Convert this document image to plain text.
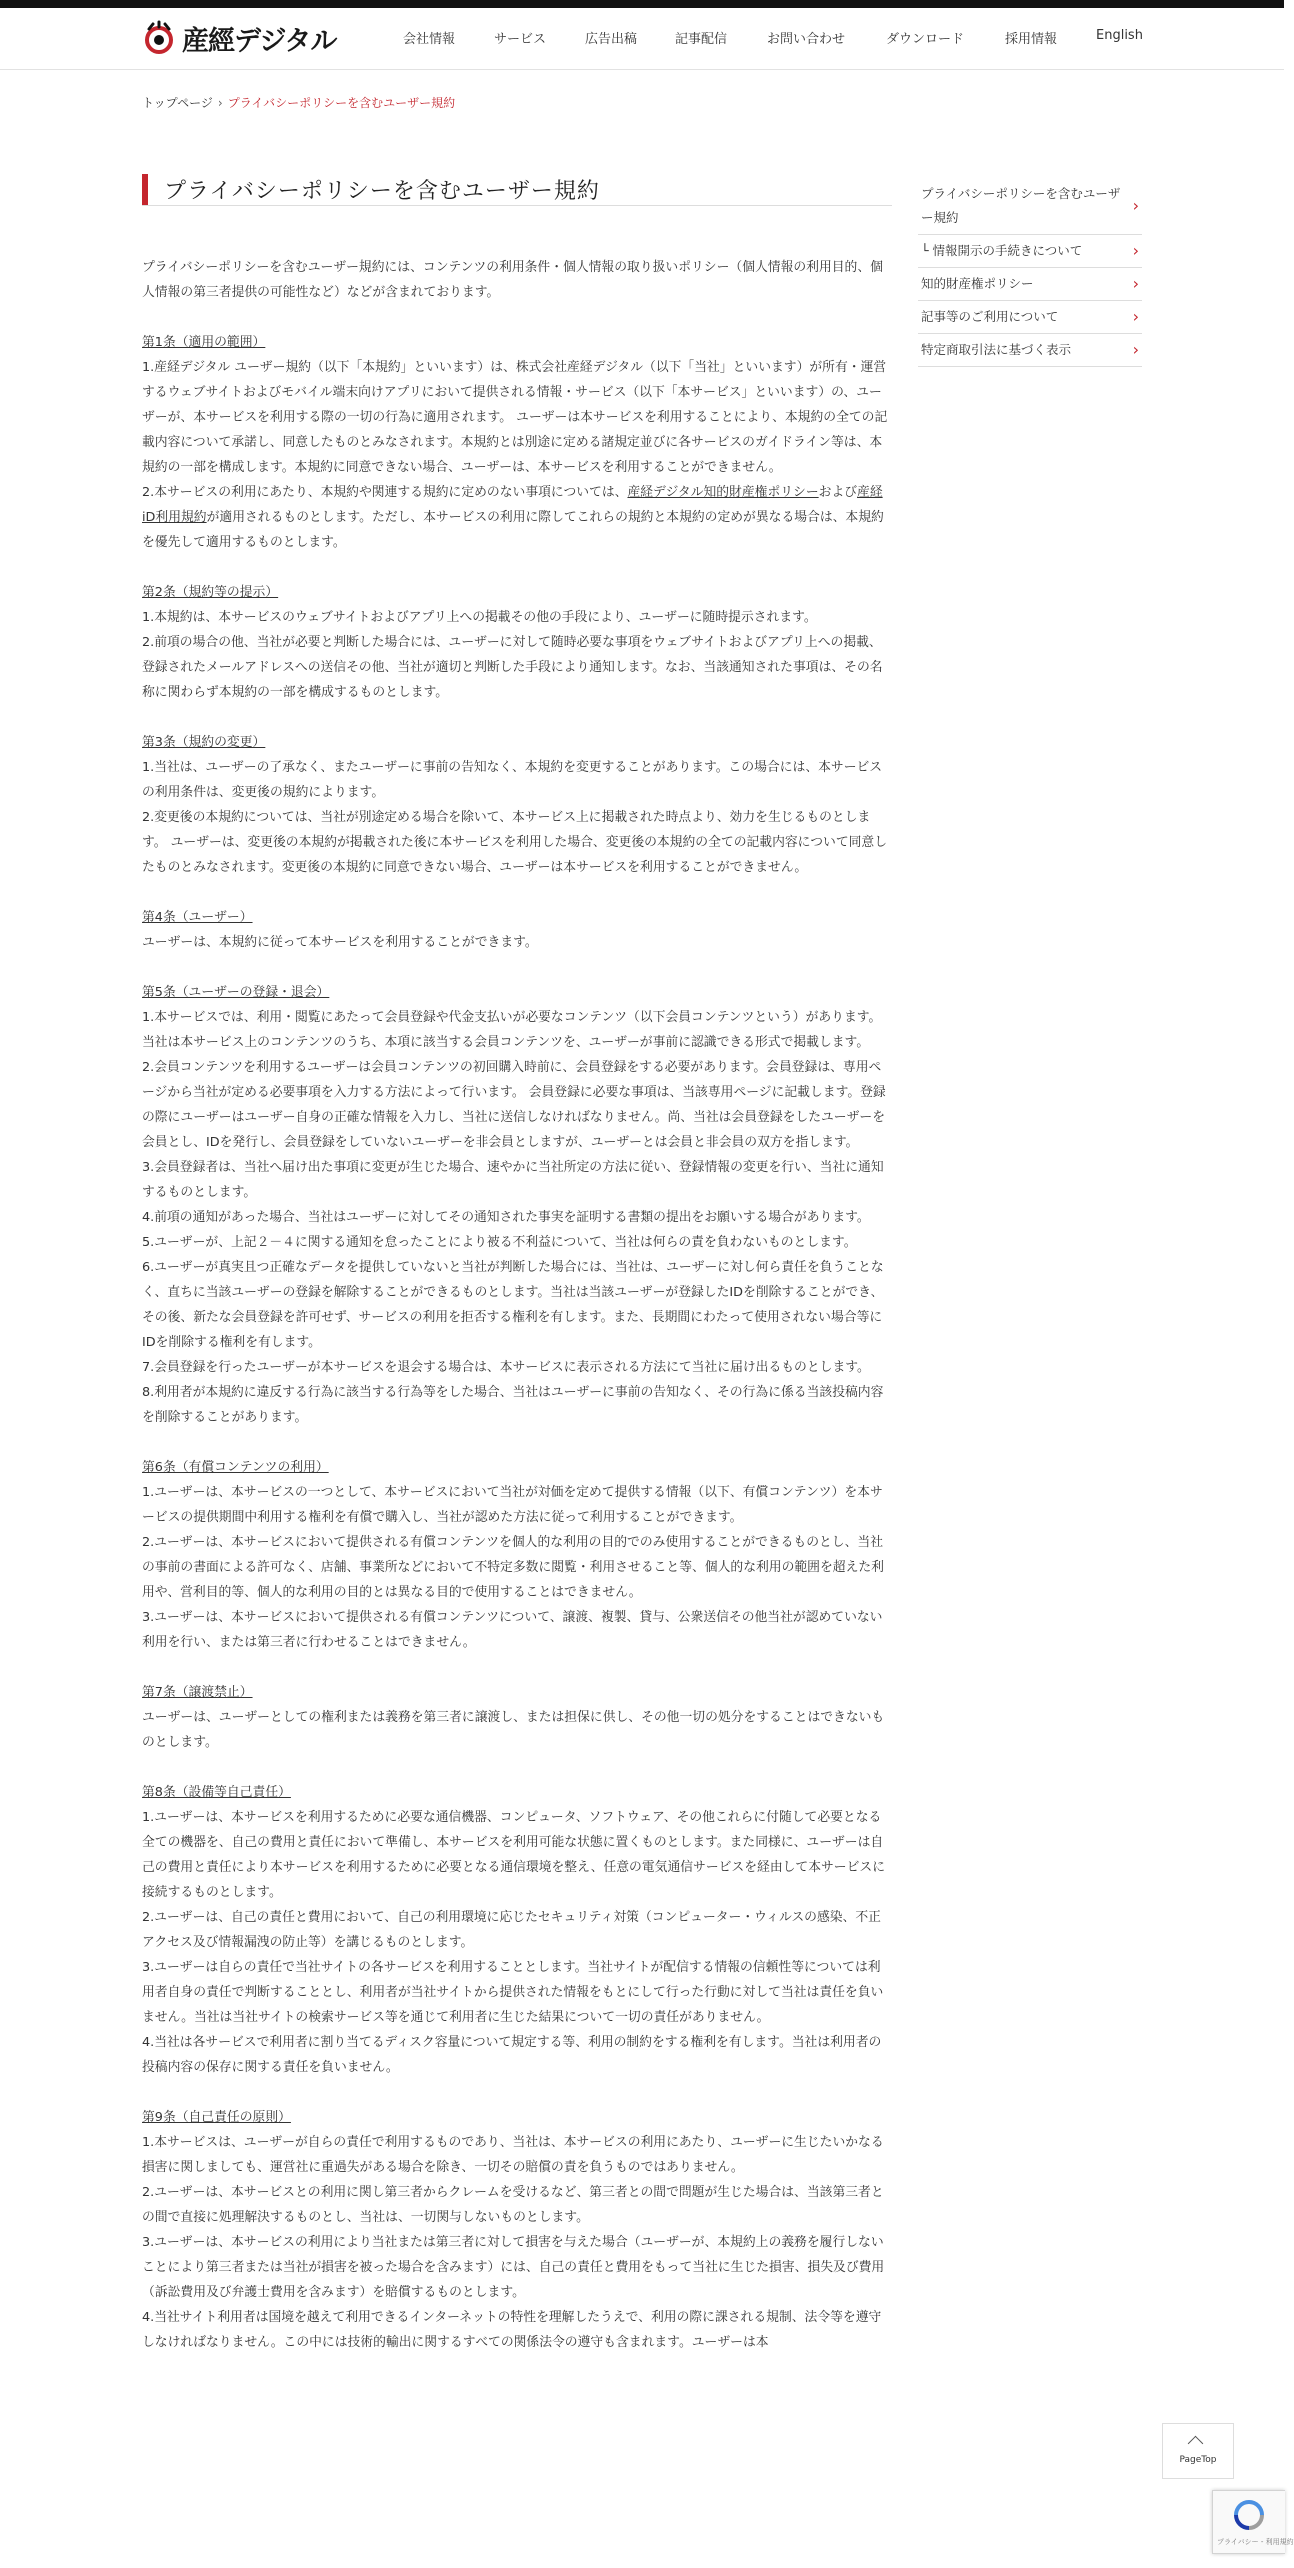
産經デジタル	会社情報	サービス	広告出稿	記事配信	お問い合わせ	ダウンロード	採用情報	English
トップページ › プライバシーポリシーを含むユーザー規約
プライバシーポリシーを含むユーザー規約

プライバシーポリシーを含むユーザー規約には、コンテンツの利用条件・個人情報の取り扱いポリシー（個人情報の利用目的、個人情報の第三者提供の可能性など）などが含まれております。

第1条（適用の範囲）

1.産経デジタル ユーザー規約（以下「本規約」といいます）は、株式会社産経デジタル（以下「当社」といいます）が所有・運営するウェブサイトおよびモバイル端末向けアプリにおいて提供される情報・サービス（以下「本サービス」といいます）の、ユーザーが、本サービスを利用する際の一切の行為に適用されます。 ユーザーは本サービスを利用することにより、本規約の全ての記載内容について承諾し、同意したものとみなされます。本規約とは別途に定める諸規定並びに各サービスのガイドライン等は、本規約の一部を構成します。本規約に同意できない場合、ユーザーは、本サービスを利用することができません。

2.本サービスの利用にあたり、本規約や関連する規約に定めのない事項については、産経デジタル知的財産権ポリシーおよび産経iD利用規約が適用されるものとします。ただし、本サービスの利用に際してこれらの規約と本規約の定めが異なる場合は、本規約を優先して適用するものとします。

第2条（規約等の提示）

1.本規約は、本サービスのウェブサイトおよびアプリ上への掲載その他の手段により、ユーザーに随時提示されます。

2.前項の場合の他、当社が必要と判断した場合には、ユーザーに対して随時必要な事項をウェブサイトおよびアプリ上への掲載、登録されたメールアドレスへの送信その他、当社が適切と判断した手段により通知します。なお、当該通知された事項は、その名称に関わらず本規約の一部を構成するものとします。

第3条（規約の変更）

1.当社は、ユーザーの了承なく、またユーザーに事前の告知なく、本規約を変更することがあります。この場合には、本サービスの利用条件は、変更後の規約によります。

2.変更後の本規約については、当社が別途定める場合を除いて、本サービス上に掲載された時点より、効力を生じるものとします。 ユーザーは、変更後の本規約が掲載された後に本サービスを利用した場合、変更後の本規約の全ての記載内容について同意したものとみなされます。変更後の本規約に同意できない場合、ユーザーは本サービスを利用することができません。

第4条（ユーザー）

ユーザーは、本規約に従って本サービスを利用することができます。

第5条（ユーザーの登録・退会）

1.本サービスでは、利用・閲覧にあたって会員登録や代金支払いが必要なコンテンツ（以下会員コンテンツという）があります。当社は本サービス上のコンテンツのうち、本項に該当する会員コンテンツを、ユーザーが事前に認識できる形式で掲載します。

2.会員コンテンツを利用するユーザーは会員コンテンツの初回購入時前に、会員登録をする必要があります。会員登録は、専用ページから当社が定める必要事項を入力する方法によって行います。 会員登録に必要な事項は、当該専用ページに記載します。登録の際にユーザーはユーザー自身の正確な情報を入力し、当社に送信しなければなりません。尚、当社は会員登録をしたユーザーを会員とし、IDを発行し、会員登録をしていないユーザーを非会員としますが、ユーザーとは会員と非会員の双方を指します。

3.会員登録者は、当社へ届け出た事項に変更が生じた場合、速やかに当社所定の方法に従い、登録情報の変更を行い、当社に通知するものとします。

4.前項の通知があった場合、当社はユーザーに対してその通知された事実を証明する書類の提出をお願いする場合があります。

5.ユーザーが、上記２－４に関する通知を怠ったことにより被る不利益について、当社は何らの責を負わないものとします。

6.ユーザーが真実且つ正確なデータを提供していないと当社が判断した場合には、当社は、ユーザーに対し何ら責任を負うことなく、直ちに当該ユーザーの登録を解除することができるものとします。当社は当該ユーザーが登録したIDを削除することができ、その後、新たな会員登録を許可せず、サービスの利用を拒否する権利を有します。また、長期間にわたって使用されない場合等にIDを削除する権利を有します。

7.会員登録を行ったユーザーが本サービスを退会する場合は、本サービスに表示される方法にて当社に届け出るものとします。

8.利用者が本規約に違反する行為に該当する行為等をした場合、当社はユーザーに事前の告知なく、その行為に係る当該投稿内容を削除することがあります。

第6条（有償コンテンツの利用）

1.ユーザーは、本サービスの一つとして、本サービスにおいて当社が対価を定めて提供する情報（以下、有償コンテンツ）を本サービスの提供期間中利用する権利を有償で購入し、当社が認めた方法に従って利用することができます。

2.ユーザーは、本サービスにおいて提供される有償コンテンツを個人的な利用の目的でのみ使用することができるものとし、当社の事前の書面による許可なく、店舗、事業所などにおいて不特定多数に閲覧・利用させること等、個人的な利用の範囲を超えた利用や、営利目的等、個人的な利用の目的とは異なる目的で使用することはできません。

3.ユーザーは、本サービスにおいて提供される有償コンテンツについて、譲渡、複製、貸与、公衆送信その他当社が認めていない利用を行い、または第三者に行わせることはできません。

第7条（譲渡禁止）

ユーザーは、ユーザーとしての権利または義務を第三者に譲渡し、または担保に供し、その他一切の処分をすることはできないものとします。

第8条（設備等自己責任）

1.ユーザーは、本サービスを利用するために必要な通信機器、コンピュータ、ソフトウェア、その他これらに付随して必要となる全ての機器を、自己の費用と責任において準備し、本サービスを利用可能な状態に置くものとします。また同様に、ユーザーは自己の費用と責任により本サービスを利用するために必要となる通信環境を整え、任意の電気通信サービスを経由して本サービスに接続するものとします。

2.ユーザーは、自己の責任と費用において、自己の利用環境に応じたセキュリティ対策（コンピューター・ウィルスの感染、不正アクセス及び情報漏洩の防止等）を講じるものとします。

3.ユーザーは自らの責任で当社サイトの各サービスを利用することとします。当社サイトが配信する情報の信頼性等については利用者自身の責任で判断することとし、利用者が当社サイトから提供された情報をもとにして行った行動に対して当社は責任を負いません。当社は当社サイトの検索サービス等を通じて利用者に生じた結果について一切の責任がありません。

4.当社は各サービスで利用者に割り当てるディスク容量について規定する等、利用の制約をする権利を有します。当社は利用者の投稿内容の保存に関する責任を負いません。

第9条（自己責任の原則）

1.本サービスは、ユーザーが自らの責任で利用するものであり、当社は、本サービスの利用にあたり、ユーザーに生じたいかなる損害に関しましても、運営社に重過失がある場合を除き、一切その賠償の責を負うものではありません。

2.ユーザーは、本サービスとの利用に関し第三者からクレームを受けるなど、第三者との間で問題が生じた場合は、当該第三者との間で直接に処理解決するものとし、当社は、一切関与しないものとします。

3.ユーザーは、本サービスの利用により当社または第三者に対して損害を与えた場合（ユーザーが、本規約上の義務を履行しないことにより第三者または当社が損害を被った場合を含みます）には、自己の責任と費用をもって当社に生じた損害、損失及び費用（訴訟費用及び弁護士費用を含みます）を賠償するものとします。

4.当社サイト利用者は国境を越えて利用できるインターネットの特性を理解したうえで、利用の際に課される規制、法令等を遵守しなければなりません。この中には技術的輸出に関するすべての関係法令の遵守も含まれます。ユーザーは本

プライバシーポリシーを含むユーザー規約
›
└ 情報開示の手続きについて	›
知的財産権ポリシー	›
記事等のご利用について	›
特定商取引法に基づく表示	›
PageTop
プライバシー - 利用規約
